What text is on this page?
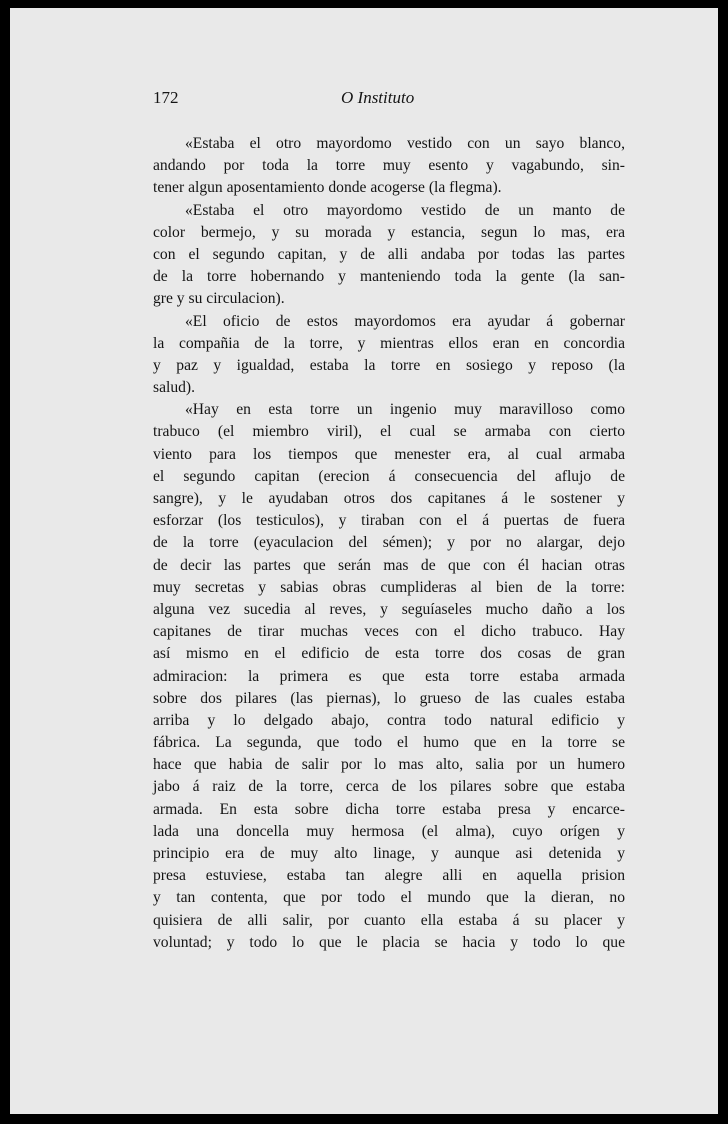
172	O Instituto
«Estaba el otro mayordomo vestido con un sayo blanco,
andando por toda la torre muy esento y vagabundo, sin-
tener algun aposentamiento donde acogerse (la flegma).
«Estaba el otro mayordomo vestido de un manto de
color bermejo, y su morada y estancia, segun lo mas, era
con el segundo capitan, y de alli andaba por todas las partes
de la torre hobernando y manteniendo toda la gente (la san-
gre y su circulacion).
«El oficio de estos mayordomos era ayudar á gobernar
la compañia de la torre, y mientras ellos eran en concordia
y paz y igualdad, estaba la torre en sosiego y reposo (la
salud).
«Hay en esta torre un ingenio muy maravilloso como
trabuco (el miembro viril), el cual se armaba con cierto
viento para los tiempos que menester era, al cual armaba
el segundo capitan (erecion á consecuencia del aflujo de
sangre), y le ayudaban otros dos capitanes á le sostener y
esforzar (los testiculos), y tiraban con el á puertas de fuera
de la torre (eyaculacion del sémen); y por no alargar, dejo
de decir las partes que serán mas de que con él hacian otras
muy secretas y sabias obras cumplideras al bien de la torre:
alguna vez sucedia al reves, y seguíaseles mucho daño a los
capitanes de tirar muchas veces con el dicho trabuco. Hay
así mismo en el edificio de esta torre dos cosas de gran
admiracion: la primera es que esta torre estaba armada
sobre dos pilares (las piernas), lo grueso de las cuales estaba
arriba y lo delgado abajo, contra todo natural edificio y
fábrica. La segunda, que todo el humo que en la torre se
hace que habia de salir por lo mas alto, salia por un humero
jabo á raiz de la torre, cerca de los pilares sobre que estaba
armada. En esta sobre dicha torre estaba presa y encarce-
lada una doncella muy hermosa (el alma), cuyo orígen y
principio era de muy alto linage, y aunque asi detenida y
presa estuviese, estaba tan alegre alli en aquella prision
y tan contenta, que por todo el mundo que la dieran, no
quisiera de alli salir, por cuanto ella estaba á su placer y
voluntad; y todo lo que le placia se hacia y todo lo que
